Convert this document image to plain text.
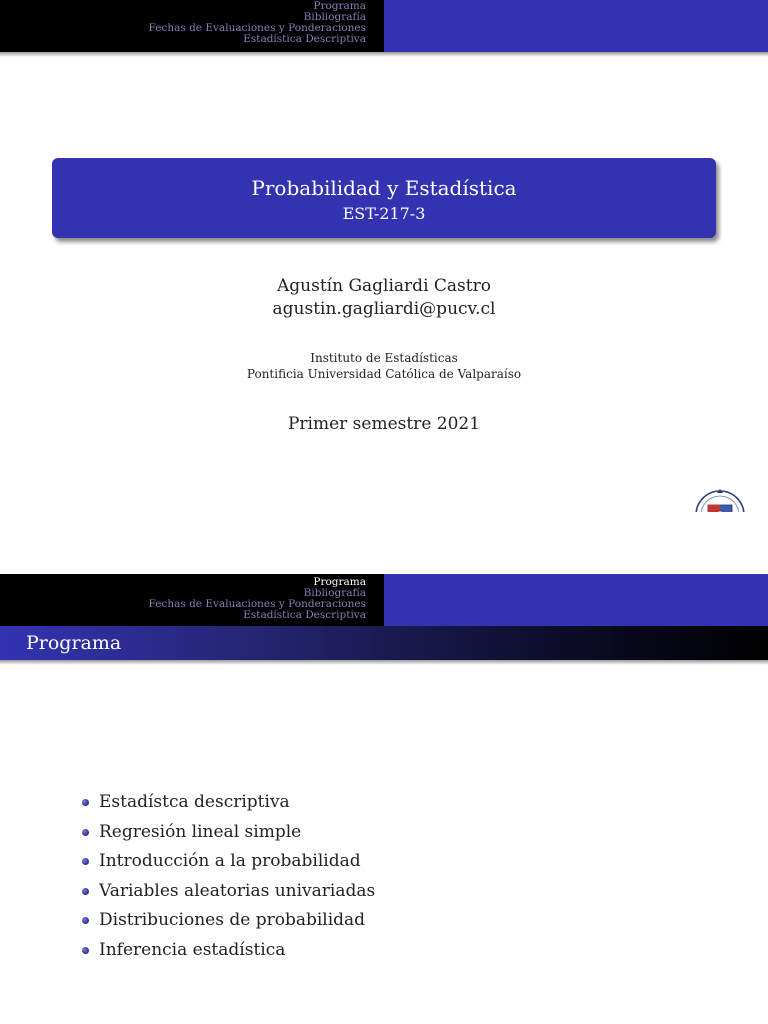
Programa
Bibliografía
Fechas de Evaluaciones y Ponderaciones
Estadística Descriptiva
Probabilidad y Estadística
EST-217-3
Agustín Gagliardi Castro
agustin.gagliardi@pucv.cl
Instituto de Estadísticas
Pontificia Universidad Católica de Valparaíso
Primer semestre 2021

Programa
Bibliografía
Fechas de Evaluaciones y Ponderaciones
Estadística Descriptiva
Programa
Estadístca descriptiva
Regresión lineal simple
Introducción a la probabilidad
Variables aleatorias univariadas
Distribuciones de probabilidad
Inferencia estadística
